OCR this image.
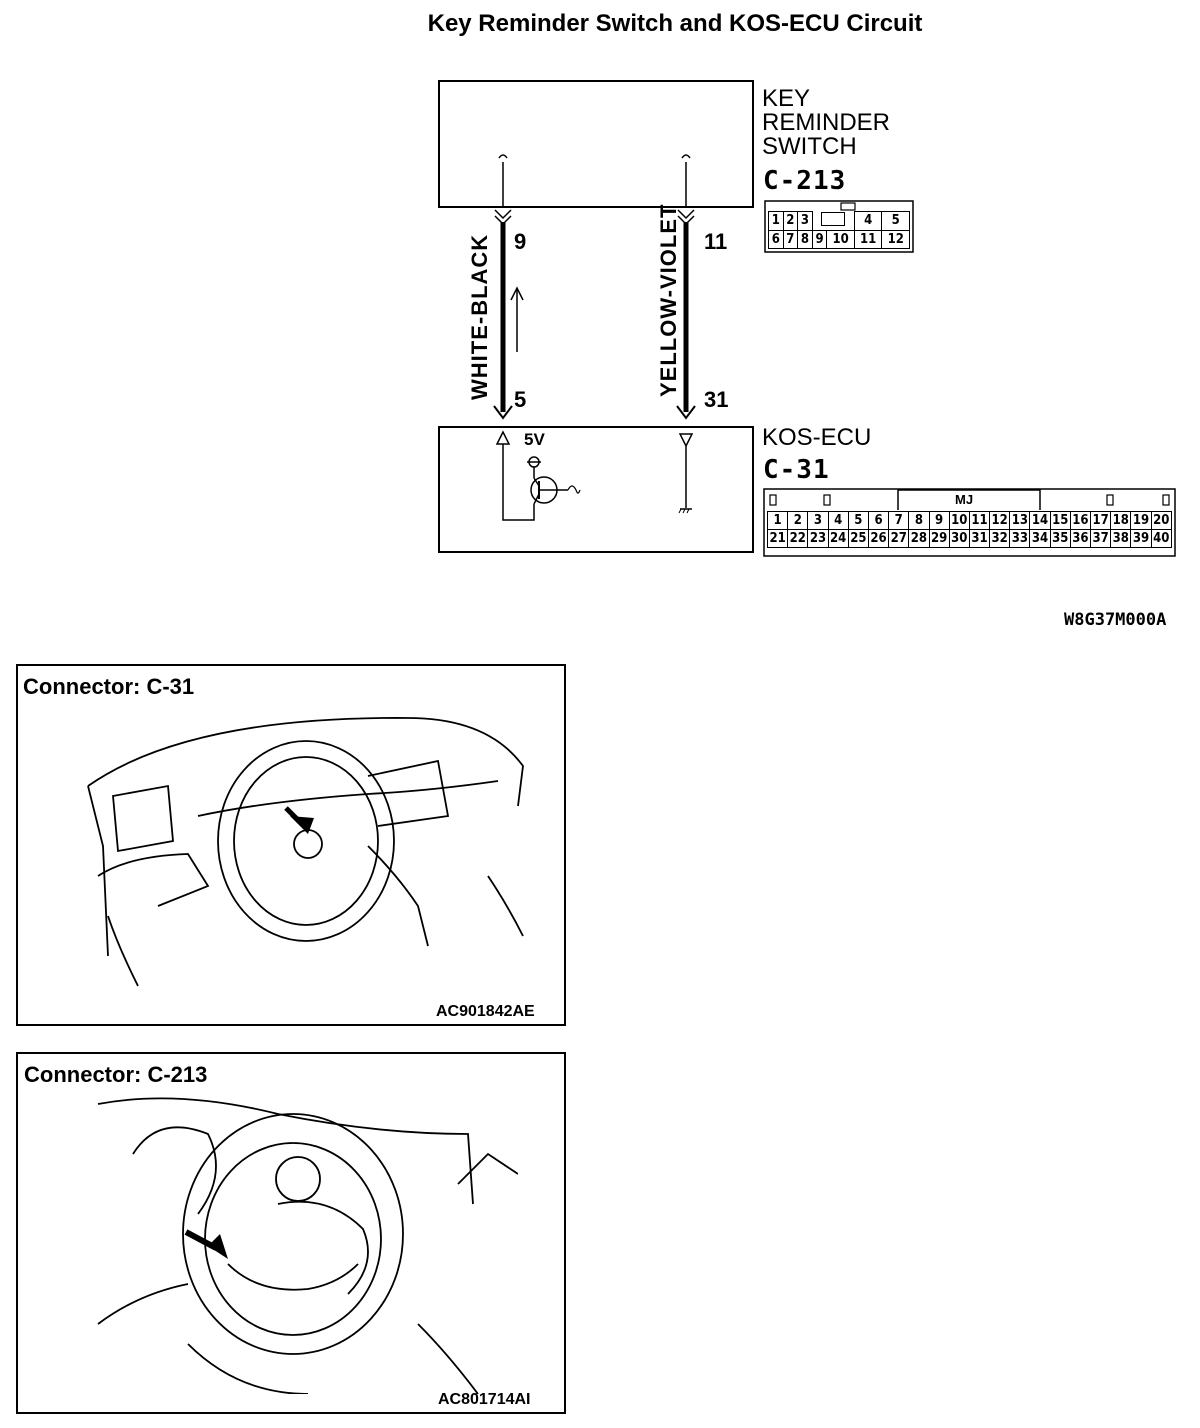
Key Reminder Switch and KOS-ECU Circuit
KEY
REMINDER
SWITCH
C-213
KOS-ECU
C-31
9
5
11
31
WHITE-BLACK	YELLOW-VIOLET
5V
1	2	3			4	5
6	7	8	9	10	11	12
MJ
1	2	3	4	5	6	7	8	9	10	11	12	13	14	15	16	17	18	19	20
21	22	23	24	25	26	27	28	29	30	31	32	33	34	35	36	37	38	39	40
W8G37M000A
Connector: C-31
AC901842AE
Connector: C-213
AC801714AI
